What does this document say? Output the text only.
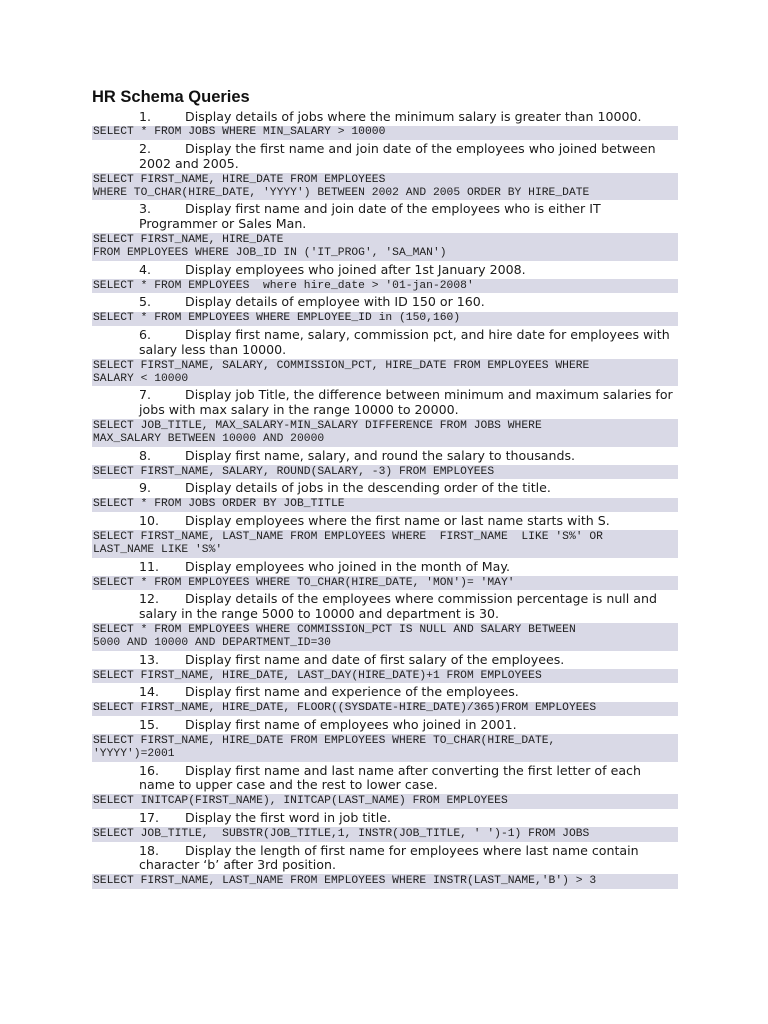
HR Schema Queries
1.	Display details of jobs where the minimum salary is greater than 10000.
SELECT * FROM JOBS WHERE MIN_SALARY > 10000
2.	Display the first name and join date of the employees who joined between 2002 and 2005.
SELECT FIRST_NAME, HIRE_DATE FROM EMPLOYEES
WHERE TO_CHAR(HIRE_DATE, 'YYYY') BETWEEN 2002 AND 2005 ORDER BY HIRE_DATE
3.	Display first name and join date of the employees who is either IT Programmer or Sales Man.
SELECT FIRST_NAME, HIRE_DATE
FROM EMPLOYEES WHERE JOB_ID IN ('IT_PROG', 'SA_MAN')
4.	Display employees who joined after 1st January 2008.
SELECT * FROM EMPLOYEES  where hire_date > '01-jan-2008'
5.	Display details of employee with ID 150 or 160.
SELECT * FROM EMPLOYEES WHERE EMPLOYEE_ID in (150,160)
6.	Display first name, salary, commission pct, and hire date for employees with salary less than 10000.
SELECT FIRST_NAME, SALARY, COMMISSION_PCT, HIRE_DATE FROM EMPLOYEES WHERE
SALARY < 10000
7.	Display job Title, the difference between minimum and maximum salaries for jobs with max salary in the range 10000 to 20000.
SELECT JOB_TITLE, MAX_SALARY-MIN_SALARY DIFFERENCE FROM JOBS WHERE
MAX_SALARY BETWEEN 10000 AND 20000
8.	Display first name, salary, and round the salary to thousands.
SELECT FIRST_NAME, SALARY, ROUND(SALARY, -3) FROM EMPLOYEES
9.	Display details of jobs in the descending order of the title.
SELECT * FROM JOBS ORDER BY JOB_TITLE
10.	Display employees where the first name or last name starts with S.
SELECT FIRST_NAME, LAST_NAME FROM EMPLOYEES WHERE  FIRST_NAME  LIKE 'S%' OR
LAST_NAME LIKE 'S%'
11.	Display employees who joined in the month of May.
SELECT * FROM EMPLOYEES WHERE TO_CHAR(HIRE_DATE, 'MON')= 'MAY'
12.	Display details of the employees where commission percentage is null and salary in the range 5000 to 10000 and department is 30.
SELECT * FROM EMPLOYEES WHERE COMMISSION_PCT IS NULL AND SALARY BETWEEN
5000 AND 10000 AND DEPARTMENT_ID=30
13.	Display first name and date of first salary of the employees.
SELECT FIRST_NAME, HIRE_DATE, LAST_DAY(HIRE_DATE)+1 FROM EMPLOYEES
14.	Display first name and experience of the employees.
SELECT FIRST_NAME, HIRE_DATE, FLOOR((SYSDATE-HIRE_DATE)/365)FROM EMPLOYEES
15.	Display first name of employees who joined in 2001.
SELECT FIRST_NAME, HIRE_DATE FROM EMPLOYEES WHERE TO_CHAR(HIRE_DATE,
'YYYY')=2001
16.	Display first name and last name after converting the first letter of each name to upper case and the rest to lower case.
SELECT INITCAP(FIRST_NAME), INITCAP(LAST_NAME) FROM EMPLOYEES
17.	Display the first word in job title.
SELECT JOB_TITLE,  SUBSTR(JOB_TITLE,1, INSTR(JOB_TITLE, ' ')-1) FROM JOBS
18.	Display the length of first name for employees where last name contain character ‘b’ after 3rd position.
SELECT FIRST_NAME, LAST_NAME FROM EMPLOYEES WHERE INSTR(LAST_NAME,'B') > 3
